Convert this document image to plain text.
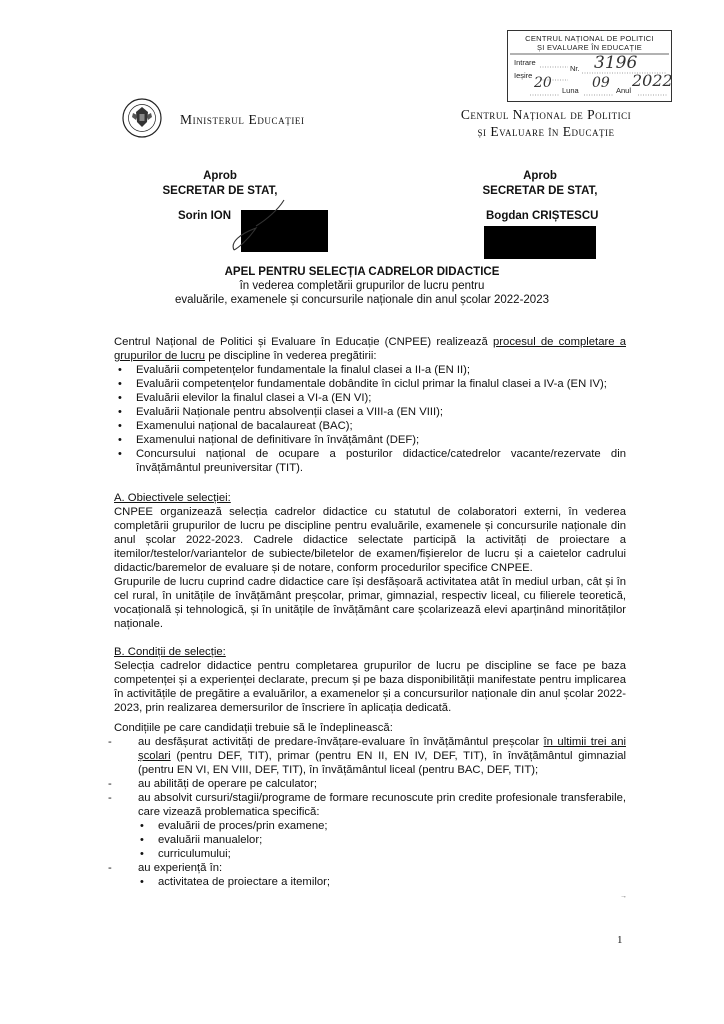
CENTRUL NAȚIONAL DE POLITICI
ȘI EVALUARE ÎN EDUCAȚIE
Intrare
Ieșire
Nr. 3196
20 Luna 09 Anul
2022
Ministerul Educației	Centrul Național de Politici
și Evaluare în Educație
Aprob
SECRETAR DE STAT,
Sorin ION
Aprob
SECRETAR DE STAT,
Bogdan CRIȘTESCU
APEL PENTRU SELECȚIA CADRELOR DIDACTICE
în vederea completării grupurilor de lucru pentru
evaluările, examenele și concursurile naționale din anul școlar 2022-2023
Centrul Național de Politici și Evaluare în Educație (CNPEE) realizează procesul de completare a grupurilor de lucru pe discipline în vederea pregătirii:
• Evaluării competențelor fundamentale la finalul clasei a II-a (EN II);
• Evaluării competențelor fundamentale dobândite în ciclul primar la finalul clasei a IV-a (EN IV);
• Evaluării elevilor la finalul clasei a VI-a (EN VI);
• Evaluării Naționale pentru absolvenții clasei a VIII-a (EN VIII);
• Examenului național de bacalaureat (BAC);
• Examenului național de definitivare în învățământ (DEF);
• Concursului național de ocupare a posturilor didactice/catedrelor vacante/rezervate din învățământul preuniversitar (TIT).
A. Obiectivele selecției:
CNPEE organizează selecția cadrelor didactice cu statutul de colaboratori externi, în vederea completării grupurilor de lucru pe discipline pentru evaluările, examenele și concursurile naționale din anul școlar 2022-2023. Cadrele didactice selectate participă la activități de proiectare a itemilor/testelor/variantelor de subiecte/biletelor de examen/fișierelor de lucru și a caietelor cadrului didactic/baremelor de evaluare și de notare, conform procedurilor specifice CNPEE.
Grupurile de lucru cuprind cadre didactice care își desfășoară activitatea atât în mediul urban, cât și în cel rural, în unitățile de învățământ preșcolar, primar, gimnazial, respectiv liceal, cu filierele teoretică, vocațională și tehnologică, și în unitățile de învățământ care școlarizează elevi aparținând minorităților naționale.
B. Condiții de selecție:
Selecția cadrelor didactice pentru completarea grupurilor de lucru pe discipline se face pe baza competenței și a experienței declarate, precum și pe baza disponibilității manifestate pentru implicarea în activitățile de pregătire a evaluărilor, a examenelor și a concursurilor naționale din anul școlar 2022-2023, prin realizarea demersurilor de înscriere în aplicația dedicată.
Condițiile pe care candidații trebuie să le îndeplinească:
- au desfășurat activități de predare-învățare-evaluare în învățământul preșcolar în ultimii trei ani școlari (pentru DEF, TIT), primar (pentru EN II, EN IV, DEF, TIT), în învățământul gimnazial (pentru EN VI, EN VIII, DEF, TIT), în învățământul liceal (pentru BAC, DEF, TIT);
- au abilități de operare pe calculator;
- au absolvit cursuri/stagii/programe de formare recunoscute prin credite profesionale transferabile, care vizează problematica specifică:
• evaluării de proces/prin examene;
• evaluării manualelor;
• curriculumului;
- au experiență în:
• activitatea de proiectare a itemilor;
→
1
